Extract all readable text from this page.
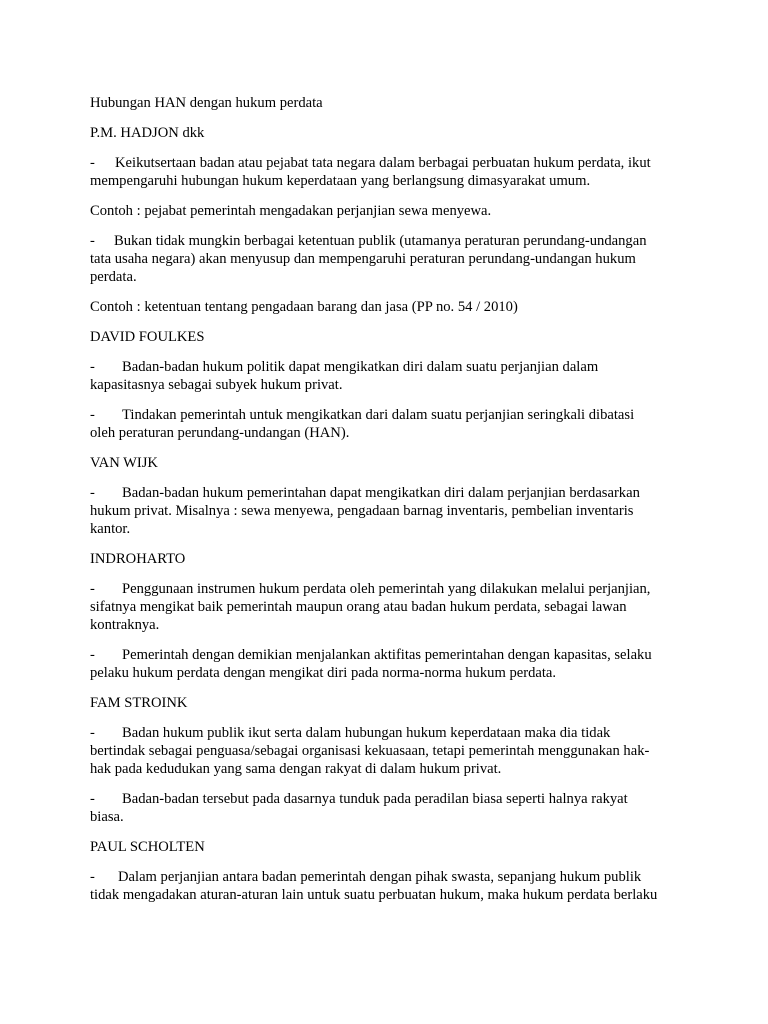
Hubungan HAN dengan hukum perdata

P.M. HADJON dkk

- Keikutsertaan badan atau pejabat tata negara dalam berbagai perbuatan hukum perdata, ikut
mempengaruhi hubungan hukum keperdataan yang berlangsung dimasyarakat umum.

Contoh : pejabat pemerintah mengadakan perjanjian sewa menyewa.

- Bukan tidak mungkin berbagai ketentuan publik (utamanya peraturan perundang-undangan
tata usaha negara) akan menyusup dan mempengaruhi peraturan perundang-undangan hukum
perdata.

Contoh : ketentuan tentang pengadaan barang dan jasa (PP no. 54 / 2010)

DAVID FOULKES

- Badan-badan hukum politik dapat mengikatkan diri dalam suatu perjanjian dalam
kapasitasnya sebagai subyek hukum privat.

- Tindakan pemerintah untuk mengikatkan dari dalam suatu perjanjian seringkali dibatasi
oleh peraturan perundang-undangan (HAN).

VAN WIJK

- Badan-badan hukum pemerintahan dapat mengikatkan diri dalam perjanjian berdasarkan
hukum privat. Misalnya : sewa menyewa, pengadaan barnag inventaris, pembelian inventaris
kantor.

INDROHARTO

- Penggunaan instrumen hukum perdata oleh pemerintah yang dilakukan melalui perjanjian,
sifatnya mengikat baik pemerintah maupun orang atau badan hukum perdata, sebagai lawan
kontraknya.

- Pemerintah dengan demikian menjalankan aktifitas pemerintahan dengan kapasitas, selaku
pelaku hukum perdata dengan mengikat diri pada norma-norma hukum perdata.

FAM STROINK

- Badan hukum publik ikut serta dalam hubungan hukum keperdataan maka dia tidak
bertindak sebagai penguasa/sebagai organisasi kekuasaan, tetapi pemerintah menggunakan hak-
hak pada kedudukan yang sama dengan rakyat di dalam hukum privat.

- Badan-badan tersebut pada dasarnya tunduk pada peradilan biasa seperti halnya rakyat
biasa.

PAUL SCHOLTEN

- Dalam perjanjian antara badan pemerintah dengan pihak swasta, sepanjang hukum publik
tidak mengadakan aturan-aturan lain untuk suatu perbuatan hukum, maka hukum perdata berlaku
